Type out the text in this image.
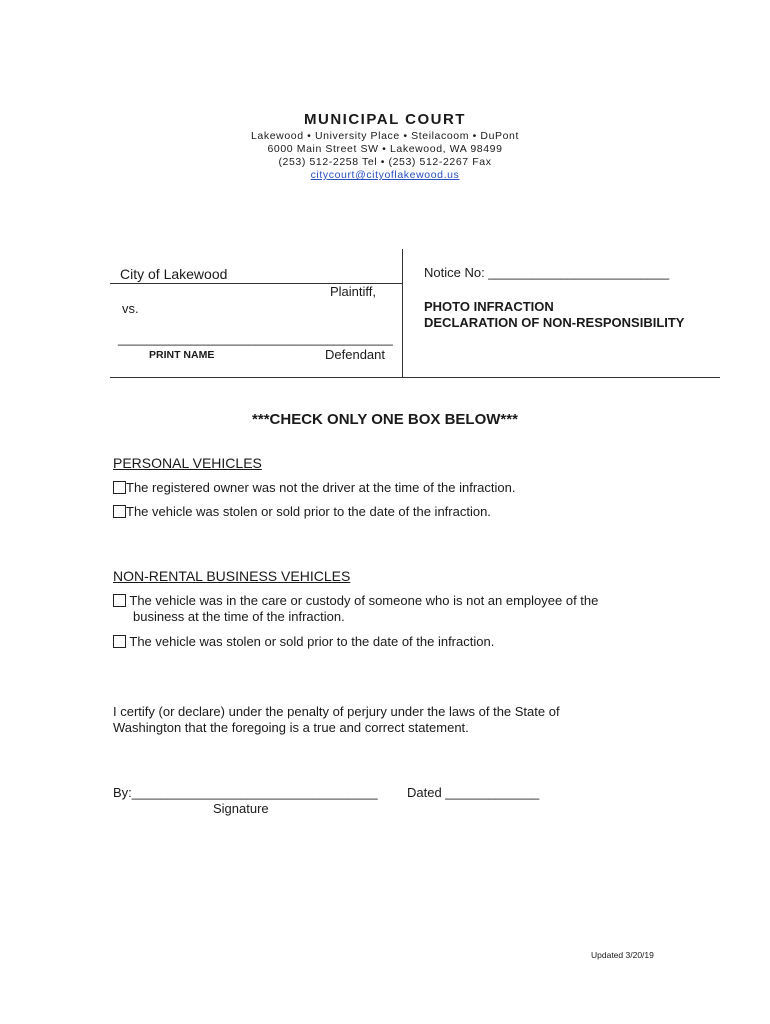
MUNICIPAL COURT
Lakewood • University Place • Steilacoom • DuPont
6000 Main Street SW • Lakewood, WA 98499
(253) 512-2258 Tel • (253) 512-2267 Fax
citycourt@cityoflakewood.us
City of Lakewood
Plaintiff,
vs.
______________________________________
PRINT NAME	Defendant
Notice No: _________________________
PHOTO INFRACTION
DECLARATION OF NON-RESPONSIBILITY
***CHECK ONLY ONE BOX BELOW***
PERSONAL VEHICLES
The registered owner was not the driver at the time of the infraction.
The vehicle was stolen or sold prior to the date of the infraction.
NON-RENTAL BUSINESS VEHICLES
The vehicle was in the care or custody of someone who is not an employee of the
business at the time of the infraction.
The vehicle was stolen or sold prior to the date of the infraction.
I certify (or declare) under the penalty of perjury under the laws of the State of
Washington that the foregoing is a true and correct statement.
By:__________________________________ Dated _____________
Signature
Updated 3/20/19
